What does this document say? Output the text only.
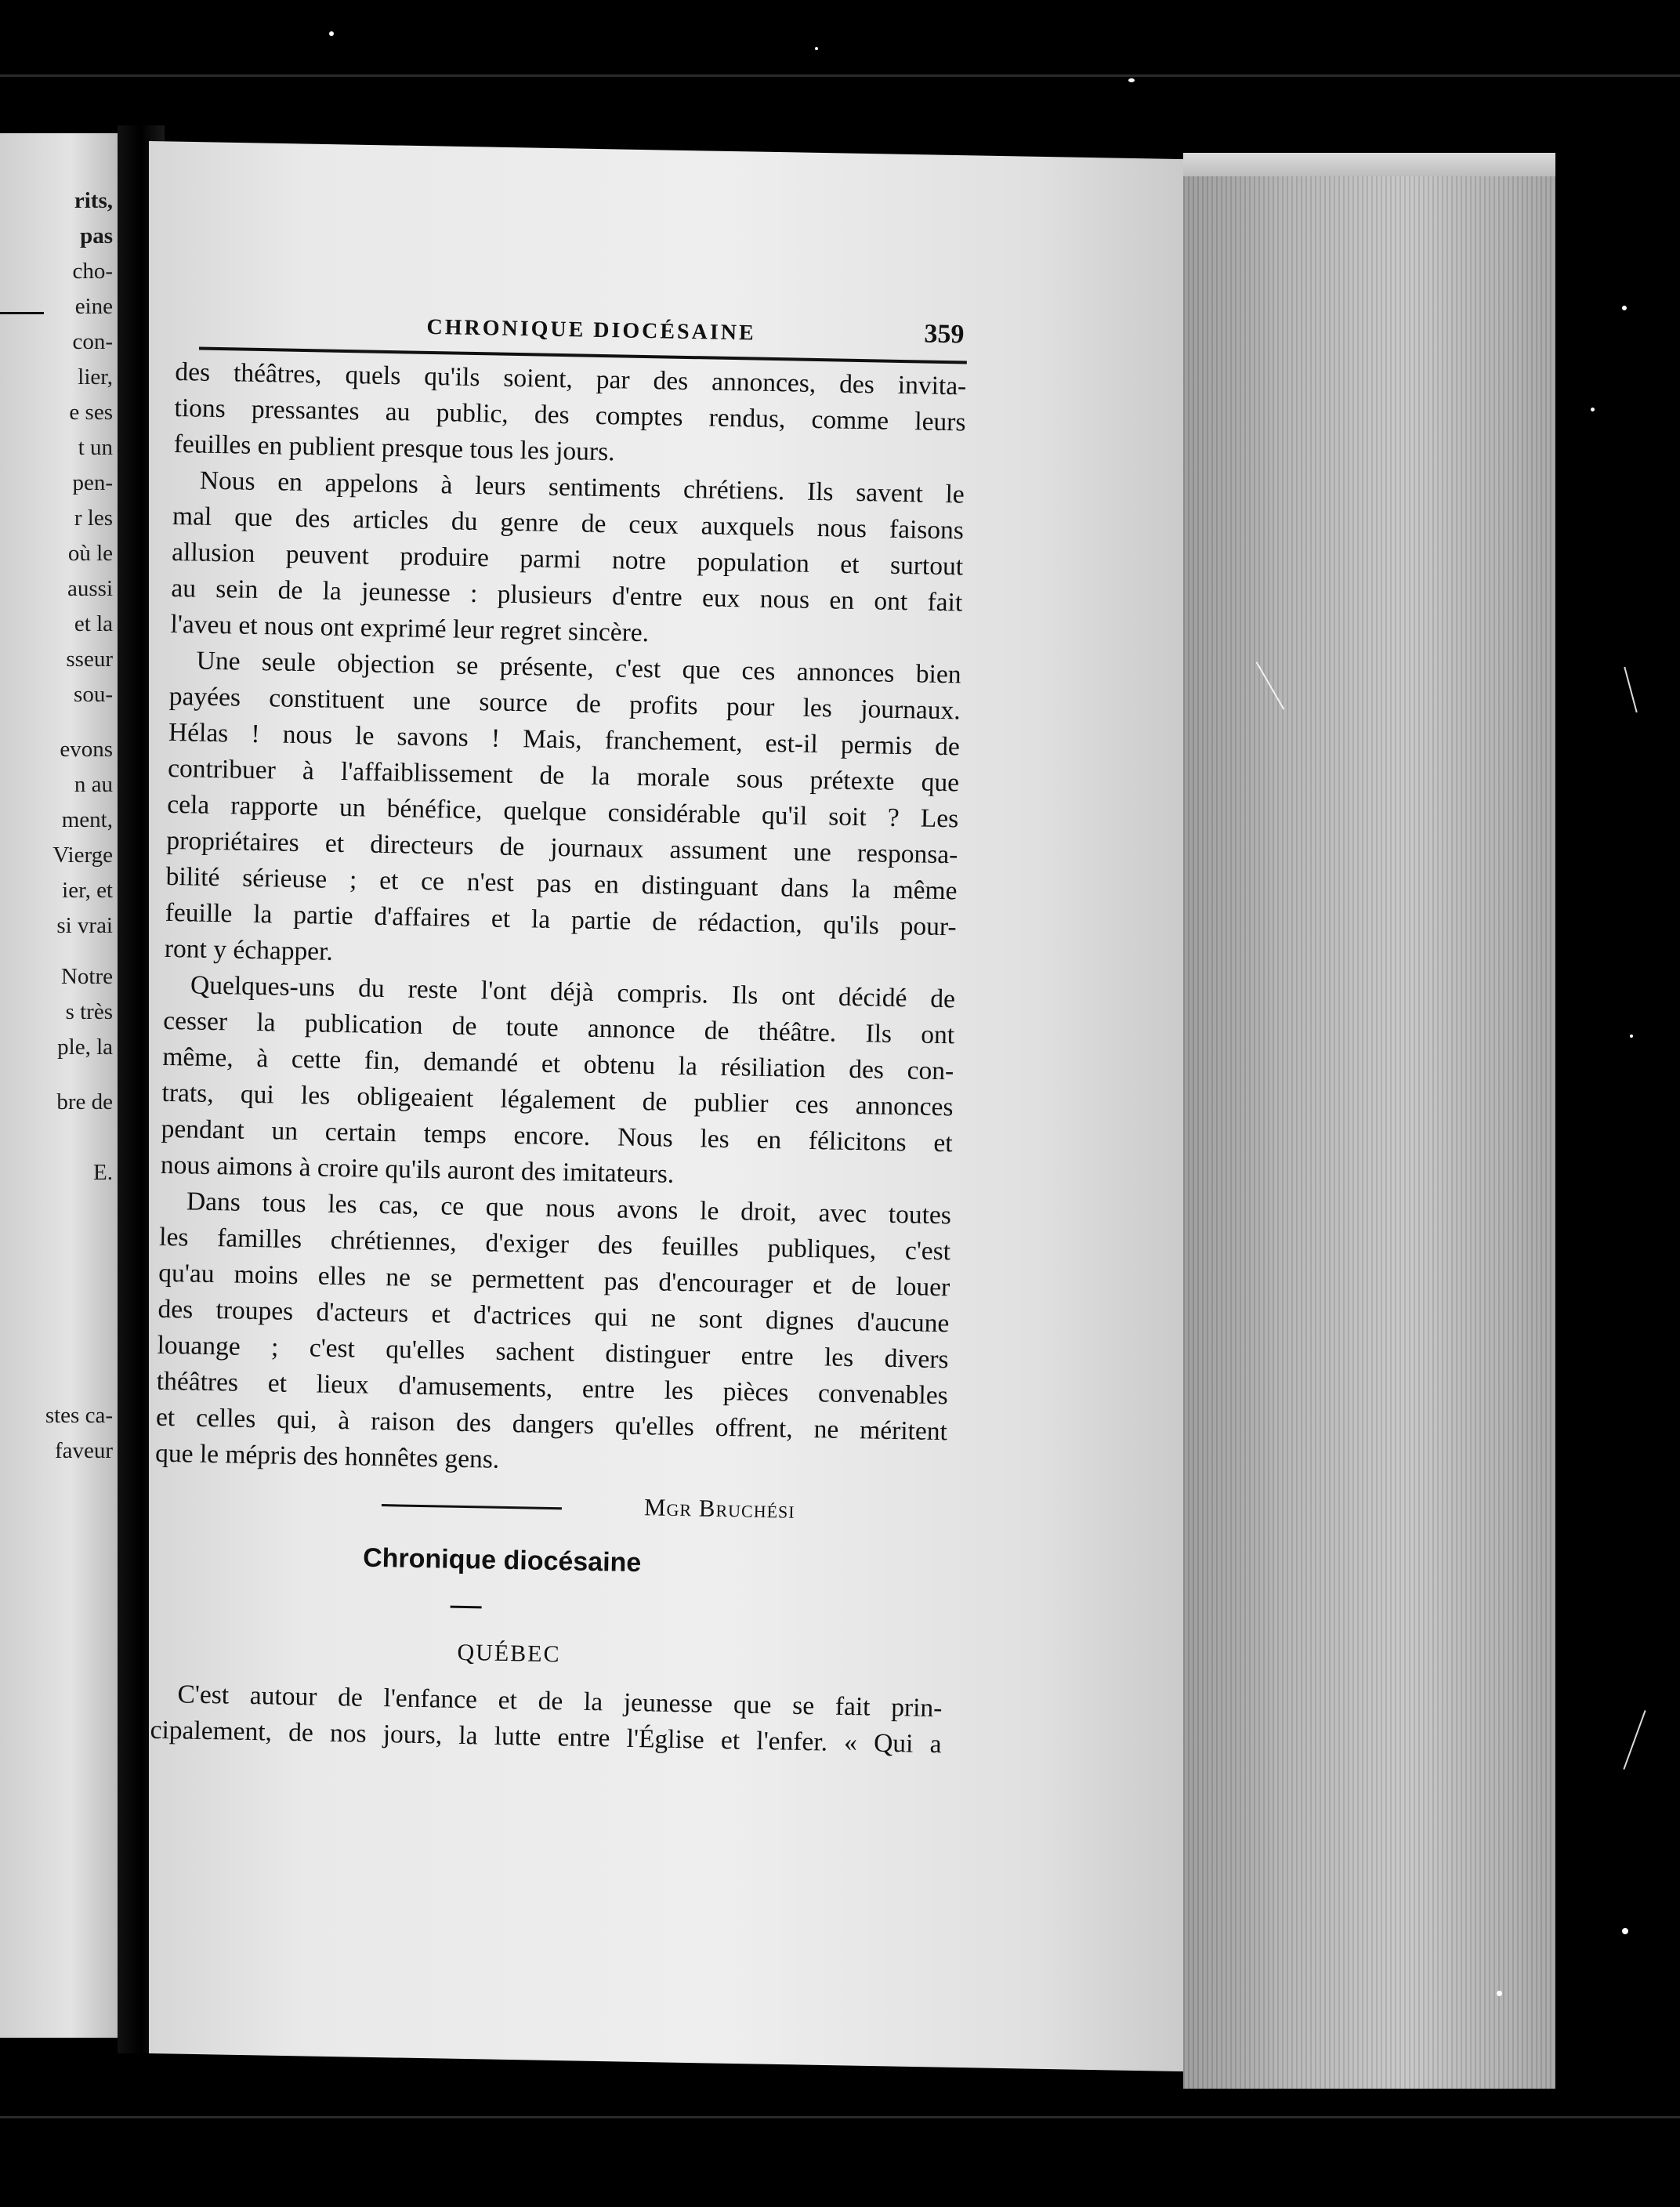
rits,
pas
cho-
eine
con-
lier,
e ses
t un
pen-
r les
où le
aussi
et la
sseur
sou-
evons
n au
ment,
Vierge
ier, et
si vrai
Notre
s très
ple, la
bre de
E.
stes ca-
faveur
CHRONIQUE DIOCÉSAINE	359
des théâtres, quels qu'ils soient, par des annonces, des invita-
tions pressantes au public, des comptes rendus, comme leurs
feuilles en publient presque tous les jours.
Nous en appelons à leurs sentiments chrétiens. Ils savent le
mal que des articles du genre de ceux auxquels nous faisons
allusion peuvent produire parmi notre population et surtout
au sein de la jeunesse : plusieurs d'entre eux nous en ont fait
l'aveu et nous ont exprimé leur regret sincère.
Une seule objection se présente, c'est que ces annonces bien
payées constituent une source de profits pour les journaux.
Hélas ! nous le savons ! Mais, franchement, est-il permis de
contribuer à l'affaiblissement de la morale sous prétexte que
cela rapporte un bénéfice, quelque considérable qu'il soit ? Les
propriétaires et directeurs de journaux assument une responsa-
bilité sérieuse ; et ce n'est pas en distinguant dans la même
feuille la partie d'affaires et la partie de rédaction, qu'ils pour-
ront y échapper.
Quelques-uns du reste l'ont déjà compris. Ils ont décidé de
cesser la publication de toute annonce de théâtre. Ils ont
même, à cette fin, demandé et obtenu la résiliation des con-
trats, qui les obligeaient légalement de publier ces annonces
pendant un certain temps encore. Nous les en félicitons et
nous aimons à croire qu'ils auront des imitateurs.
Dans tous les cas, ce que nous avons le droit, avec toutes
les familles chrétiennes, d'exiger des feuilles publiques, c'est
qu'au moins elles ne se permettent pas d'encourager et de louer
des troupes d'acteurs et d'actrices qui ne sont dignes d'aucune
louange ; c'est qu'elles sachent distinguer entre les divers
théâtres et lieux d'amusements, entre les pièces convenables
et celles qui, à raison des dangers qu'elles offrent, ne méritent
que le mépris des honnêtes gens.
Mgr Bruchési
Chronique diocésaine
QUÉBEC
C'est autour de l'enfance et de la jeunesse que se fait prin-
cipalement, de nos jours, la lutte entre l'Église et l'enfer. « Qui a
